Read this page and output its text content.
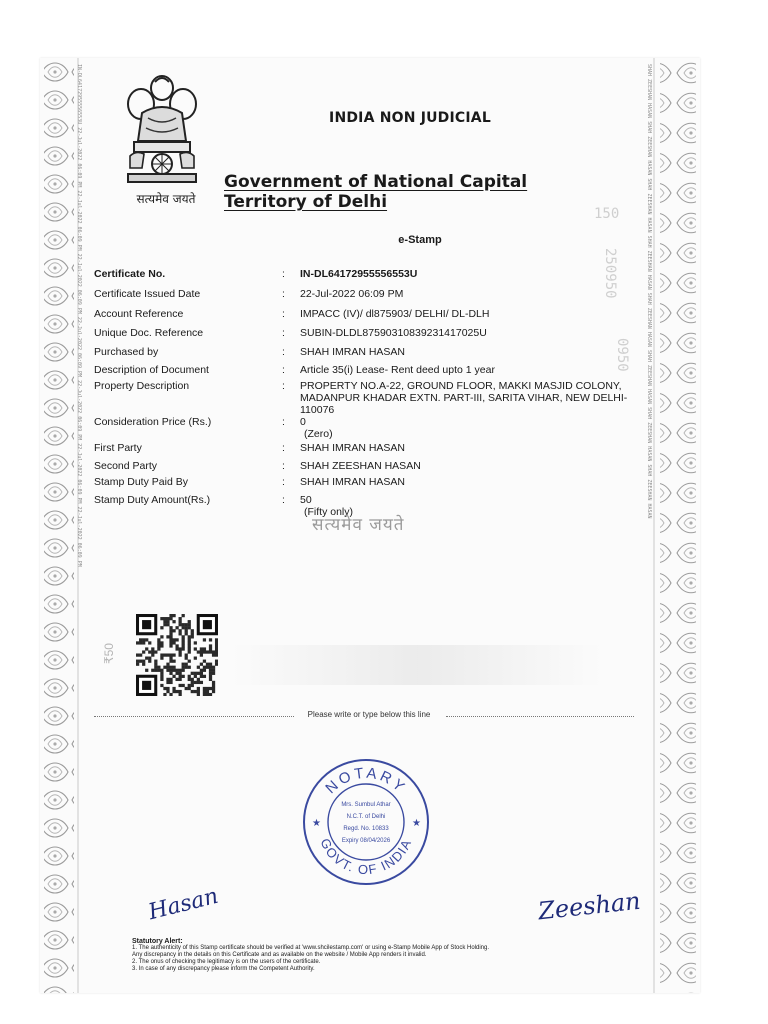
IN-DL64172955556553U 22-Jul-2022 06:09 PM 22-Jul-2022 06:09 PM 22-Jul-2022 06:09 PM 22-Jul-2022 06:09 PM 22-Jul-2022 06:09 PM 22-Jul-2022 06:09 PM 22-Jul-2022 06:09 PM	SHAH ZEESHAN HASAN SHAH ZEESHAN HASAN SHAH ZEESHAN HASAN SHAH ZEESHAN HASAN SHAH ZEESHAN HASAN SHAH ZEESHAN HASAN SHAH ZEESHAN HASAN SHAH ZEESHAN HASAN
सत्यमेव जयते
INDIA NON JUDICIAL
Government of National Capital Territory of Delhi
e-Stamp
150
250950
0950
Certificate No.	: IN-DL64172955556553U
Certificate Issued Date	: 22-Jul-2022 06:09 PM
Account Reference	: IMPACC (IV)/ dl875903/ DELHI/ DL-DLH
Unique Doc. Reference	: SUBIN-DLDL87590310839231417025U
Purchased by	: SHAH IMRAN HASAN
Description of Document	: Article 35(i) Lease- Rent deed upto 1 year
Property Description	: PROPERTY NO.A-22, GROUND FLOOR, MAKKI MASJID COLONY, MADANPUR KHADAR EXTN. PART-III, SARITA VIHAR, NEW DELHI-110076
Consideration Price (Rs.)	: 0
(Zero)
First Party	: SHAH IMRAN HASAN
Second Party	: SHAH ZEESHAN HASAN
Stamp Duty Paid By	: SHAH IMRAN HASAN
Stamp Duty Amount(Rs.)	: 50
(Fifty only)
सत्यमेव जयते
₹50
Please write or type below this line
NOTARY
GOVT. OF INDIA
★	★
Mrs. Sumbul Athar
N.C.T. of Delhi
Regd. No. 10833
Expiry 08/04/2026
Hasan	Zeeshan
Statutory Alert:
1. The authenticity of this Stamp certificate should be verified at 'www.shcilestamp.com' or using e-Stamp Mobile App of Stock Holding.
Any discrepancy in the details on this Certificate and as available on the website / Mobile App renders it invalid.
2. The onus of checking the legitimacy is on the users of the certificate.
3. In case of any discrepancy please inform the Competent Authority.
